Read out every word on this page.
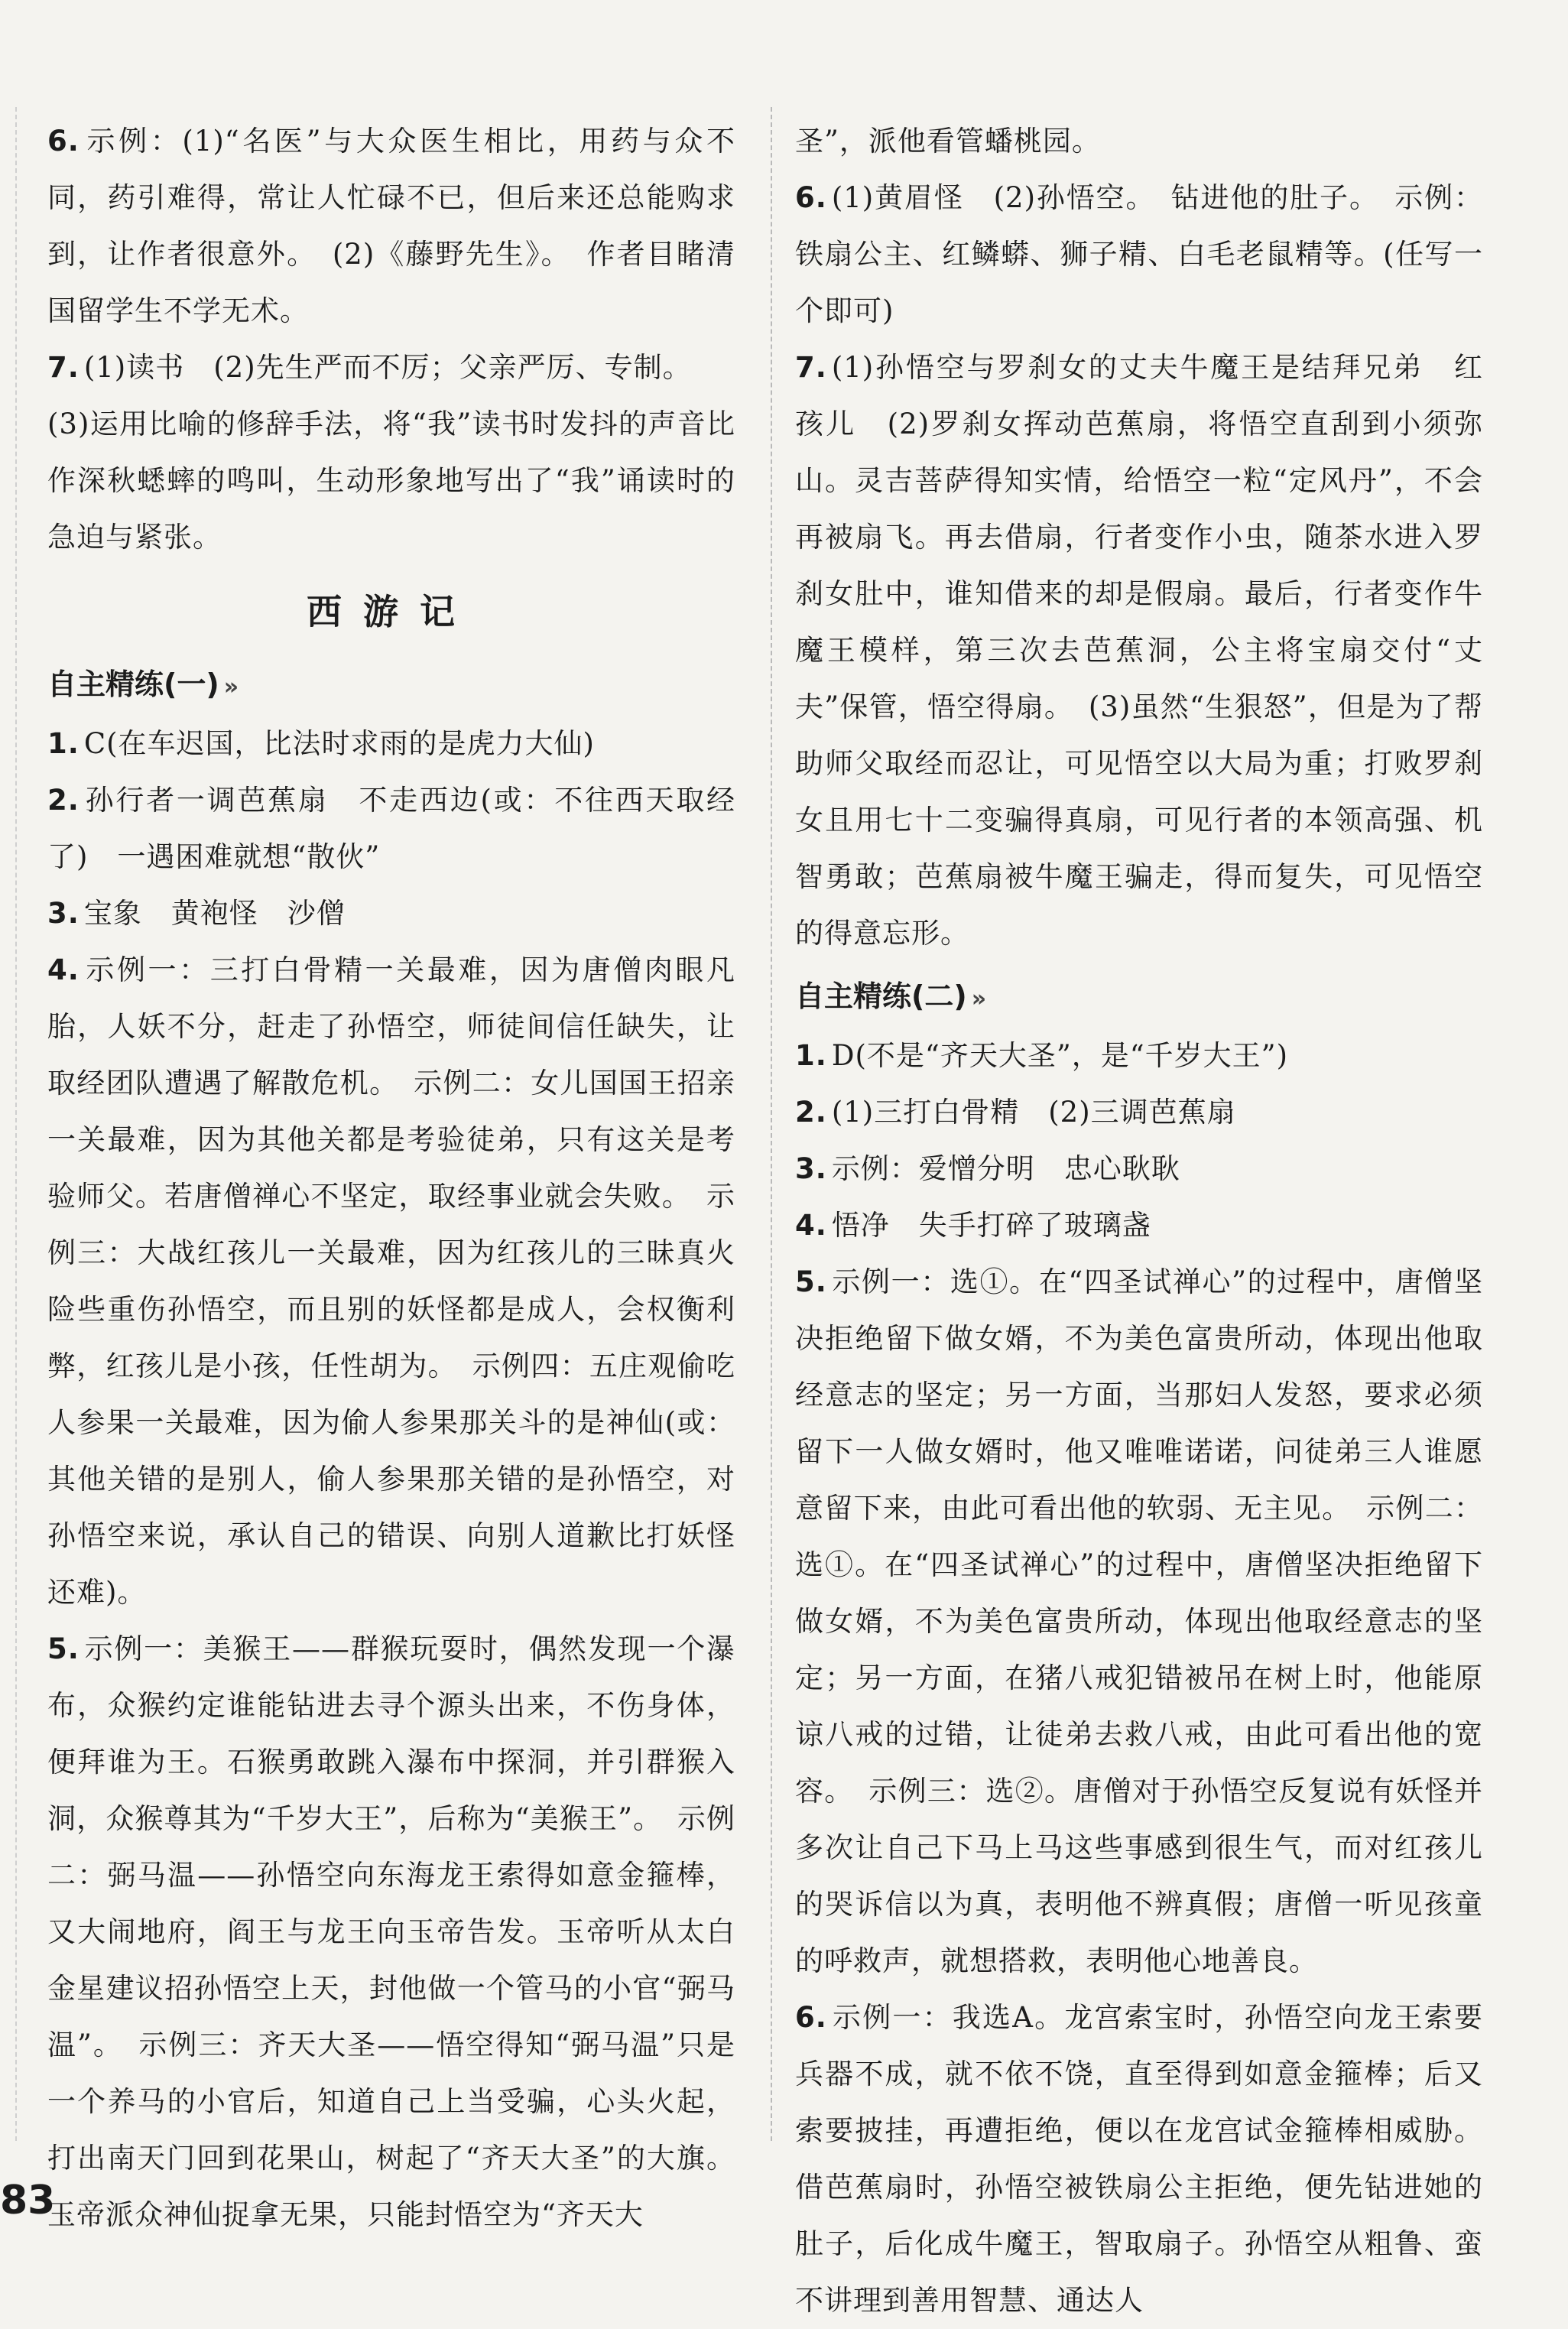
6. 示例：(1)“名医”与大众医生相比，用药与众不同，药引难得，常让人忙碌不已，但后来还总能购求到，让作者很意外。　(2)《藤野先生》。　作者目睹清国留学生不学无术。

7. (1)读书　(2)先生严而不厉；父亲严厉、专制。

(3)运用比喻的修辞手法，将“我”读书时发抖的声音比作深秋蟋蟀的鸣叫，生动形象地写出了“我”诵读时的急迫与紧张。

西游记
自主精练(一) »

1. C(在车迟国，比法时求雨的是虎力大仙)

2. 孙行者一调芭蕉扇　不走西边(或：不往西天取经了)　一遇困难就想“散伙”

3. 宝象　黄袍怪　沙僧

4. 示例一：三打白骨精一关最难，因为唐僧肉眼凡胎，人妖不分，赶走了孙悟空，师徒间信任缺失，让取经团队遭遇了解散危机。　示例二：女儿国国王招亲一关最难，因为其他关都是考验徒弟，只有这关是考验师父。若唐僧禅心不坚定，取经事业就会失败。　示例三：大战红孩儿一关最难，因为红孩儿的三昧真火险些重伤孙悟空，而且别的妖怪都是成人，会权衡利弊，红孩儿是小孩，任性胡为。　示例四：五庄观偷吃人参果一关最难，因为偷人参果那关斗的是神仙(或：其他关错的是别人，偷人参果那关错的是孙悟空，对孙悟空来说，承认自己的错误、向别人道歉比打妖怪还难)。

5. 示例一：美猴王——群猴玩耍时，偶然发现一个瀑布，众猴约定谁能钻进去寻个源头出来，不伤身体，便拜谁为王。石猴勇敢跳入瀑布中探洞，并引群猴入洞，众猴尊其为“千岁大王”，后称为“美猴王”。　示例二：弼马温——孙悟空向东海龙王索得如意金箍棒，又大闹地府，阎王与龙王向玉帝告发。玉帝听从太白金星建议招孙悟空上天，封他做一个管马的小官“弼马温”。　示例三：齐天大圣——悟空得知“弼马温”只是一个养马的小官后，知道自己上当受骗，心头火起，打出南天门回到花果山，树起了“齐天大圣”的大旗。玉帝派众神仙捉拿无果，只能封悟空为“齐天大

圣”，派他看管蟠桃园。

6. (1)黄眉怪　(2)孙悟空。　钻进他的肚子。　示例：铁扇公主、红鳞蟒、狮子精、白毛老鼠精等。(任写一个即可)

7. (1)孙悟空与罗刹女的丈夫牛魔王是结拜兄弟　红孩儿　(2)罗刹女挥动芭蕉扇，将悟空直刮到小须弥山。灵吉菩萨得知实情，给悟空一粒“定风丹”，不会再被扇飞。再去借扇，行者变作小虫，随茶水进入罗刹女肚中，谁知借来的却是假扇。最后，行者变作牛魔王模样，第三次去芭蕉洞，公主将宝扇交付“丈夫”保管，悟空得扇。　(3)虽然“生狠怒”，但是为了帮助师父取经而忍让，可见悟空以大局为重；打败罗刹女且用七十二变骗得真扇，可见行者的本领高强、机智勇敢；芭蕉扇被牛魔王骗走，得而复失，可见悟空的得意忘形。

自主精练(二) »

1. D(不是“齐天大圣”，是“千岁大王”)

2. (1)三打白骨精　(2)三调芭蕉扇

3. 示例：爱憎分明　忠心耿耿

4. 悟净　失手打碎了玻璃盏

5. 示例一：选①。在“四圣试禅心”的过程中，唐僧坚决拒绝留下做女婿，不为美色富贵所动，体现出他取经意志的坚定；另一方面，当那妇人发怒，要求必须留下一人做女婿时，他又唯唯诺诺，问徒弟三人谁愿意留下来，由此可看出他的软弱、无主见。　示例二：选①。在“四圣试禅心”的过程中，唐僧坚决拒绝留下做女婿，不为美色富贵所动，体现出他取经意志的坚定；另一方面，在猪八戒犯错被吊在树上时，他能原谅八戒的过错，让徒弟去救八戒，由此可看出他的宽容。　示例三：选②。唐僧对于孙悟空反复说有妖怪并多次让自己下马上马这些事感到很生气，而对红孩儿的哭诉信以为真，表明他不辨真假；唐僧一听见孩童的呼救声，就想搭救，表明他心地善良。

6. 示例一：我选A。龙宫索宝时，孙悟空向龙王索要兵器不成，就不依不饶，直至得到如意金箍棒；后又索要披挂，再遭拒绝，便以在龙宫试金箍棒相威胁。借芭蕉扇时，孙悟空被铁扇公主拒绝，便先钻进她的肚子，后化成牛魔王，智取扇子。孙悟空从粗鲁、蛮不讲理到善用智慧、通达人

83
